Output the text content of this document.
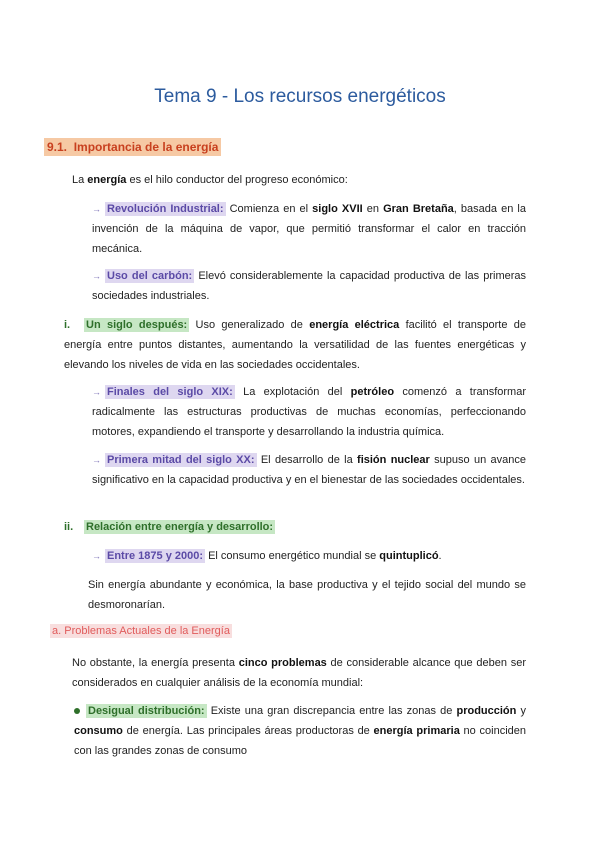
Tema 9 - Los recursos energéticos
9.1. Importancia de la energía

La energía es el hilo conductor del progreso económico:

→ Revolución Industrial: Comienza en el siglo XVII en Gran Bretaña, basada en la invención de la máquina de vapor, que permitió transformar el calor en tracción mecánica.

→ Uso del carbón: Elevó considerablemente la capacidad productiva de las primeras sociedades industriales.

i. Un siglo después: Uso generalizado de energía eléctrica facilitó el transporte de energía entre puntos distantes, aumentando la versatilidad de las fuentes energéticas y elevando los niveles de vida en las sociedades occidentales.

→ Finales del siglo XIX: La explotación del petróleo comenzó a transformar radicalmente las estructuras productivas de muchas economías, perfeccionando motores, expandiendo el transporte y desarrollando la industria química.

→ Primera mitad del siglo XX: El desarrollo de la fisión nuclear supuso un avance significativo en la capacidad productiva y en el bienestar de las sociedades occidentales.

ii. Relación entre energía y desarrollo:

→ Entre 1875 y 2000: El consumo energético mundial se quintuplicó.

Sin energía abundante y económica, la base productiva y el tejido social del mundo se desmoronarían.

a. Problemas Actuales de la Energía

No obstante, la energía presenta cinco problemas de considerable alcance que deben ser considerados en cualquier análisis de la economía mundial:

Desigual distribución: Existe una gran discrepancia entre las zonas de producción y consumo de energía. Las principales áreas productoras de energía primaria no coinciden con las grandes zonas de consumo
